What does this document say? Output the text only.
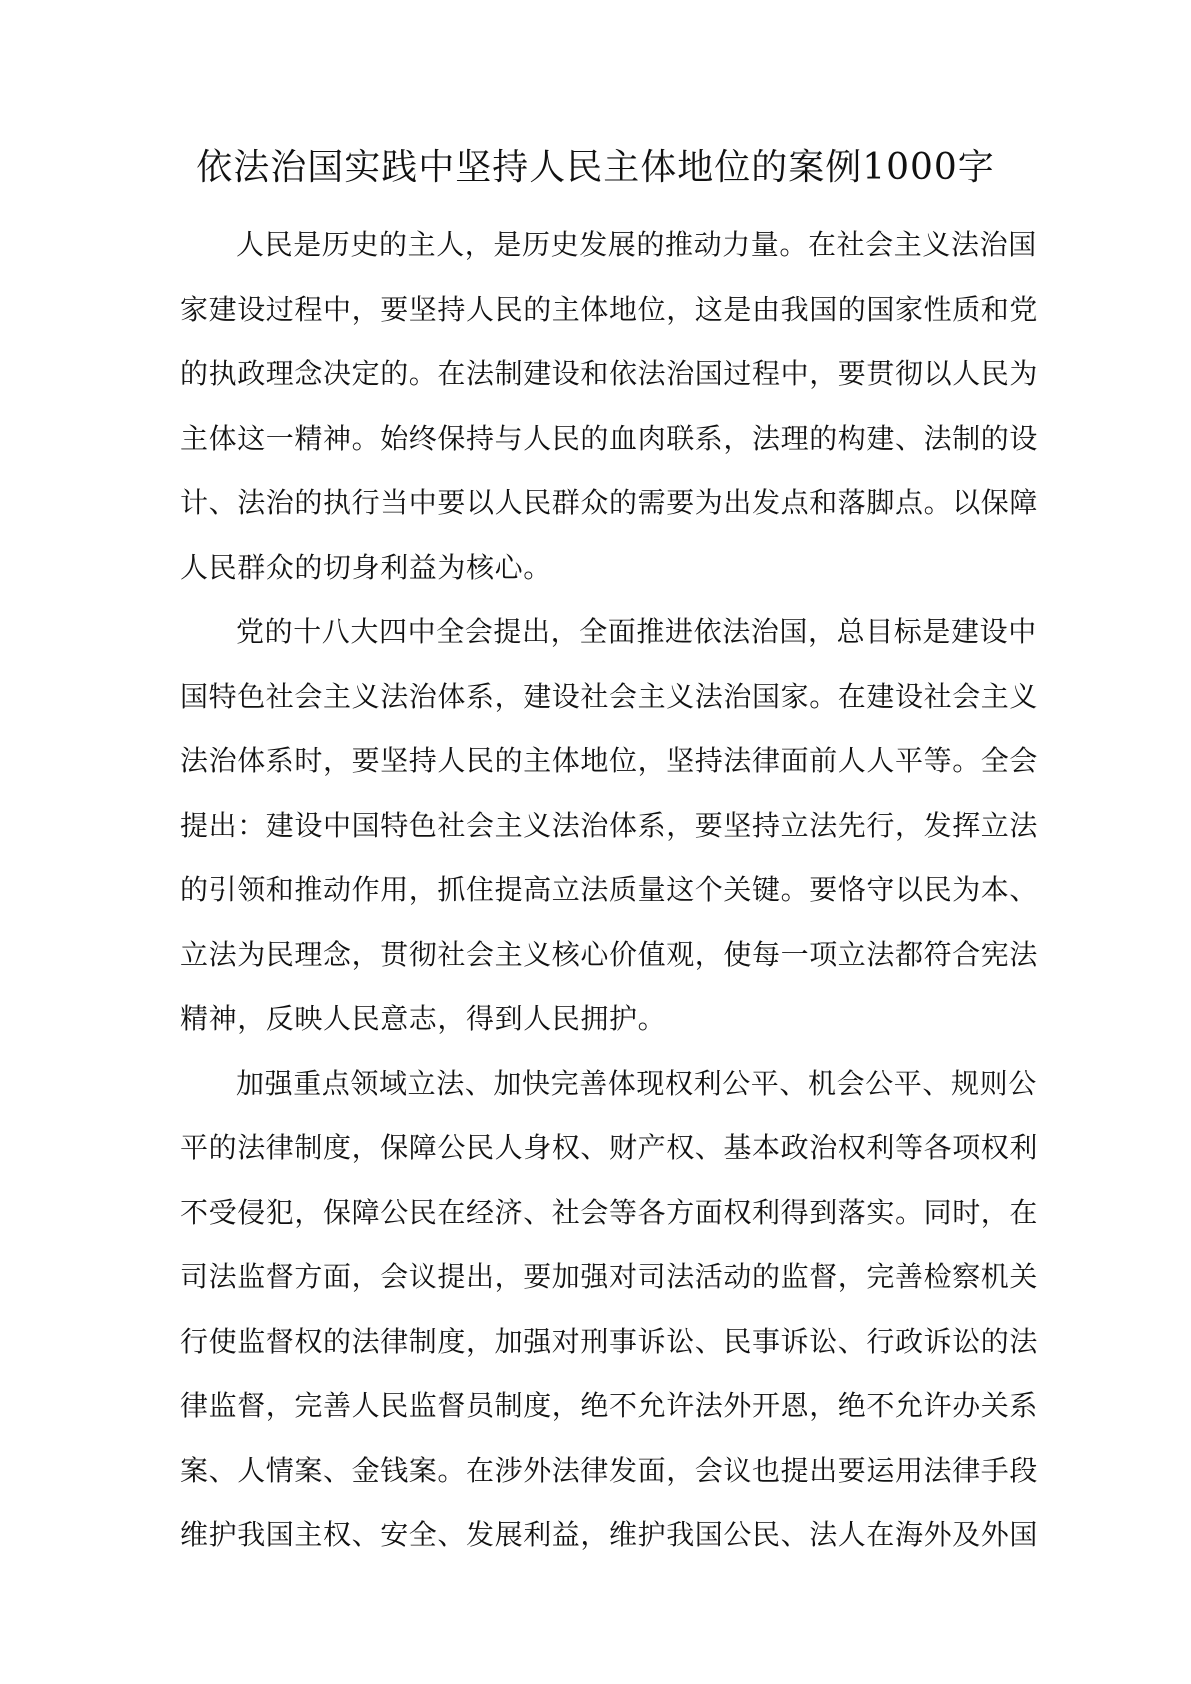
依法治国实践中坚持人民主体地位的案例1000字
人民是历史的主人，是历史发展的推动力量。在社会主义法治国
家建设过程中，要坚持人民的主体地位，这是由我国的国家性质和党
的执政理念决定的。在法制建设和依法治国过程中，要贯彻以人民为
主体这一精神。始终保持与人民的血肉联系，法理的构建、法制的设
计、法治的执行当中要以人民群众的需要为出发点和落脚点。以保障
人民群众的切身利益为核心。
党的十八大四中全会提出，全面推进依法治国，总目标是建设中
国特色社会主义法治体系，建设社会主义法治国家。在建设社会主义
法治体系时，要坚持人民的主体地位，坚持法律面前人人平等。全会
提出：建设中国特色社会主义法治体系，要坚持立法先行，发挥立法
的引领和推动作用，抓住提高立法质量这个关键。要恪守以民为本、
立法为民理念，贯彻社会主义核心价值观，使每一项立法都符合宪法
精神，反映人民意志，得到人民拥护。
加强重点领域立法、加快完善体现权利公平、机会公平、规则公
平的法律制度，保障公民人身权、财产权、基本政治权利等各项权利
不受侵犯，保障公民在经济、社会等各方面权利得到落实。同时，在
司法监督方面，会议提出，要加强对司法活动的监督，完善检察机关
行使监督权的法律制度，加强对刑事诉讼、民事诉讼、行政诉讼的法
律监督，完善人民监督员制度，绝不允许法外开恩，绝不允许办关系
案、人情案、金钱案。在涉外法律发面，会议也提出要运用法律手段
维护我国主权、安全、发展利益，维护我国公民、法人在海外及外国
